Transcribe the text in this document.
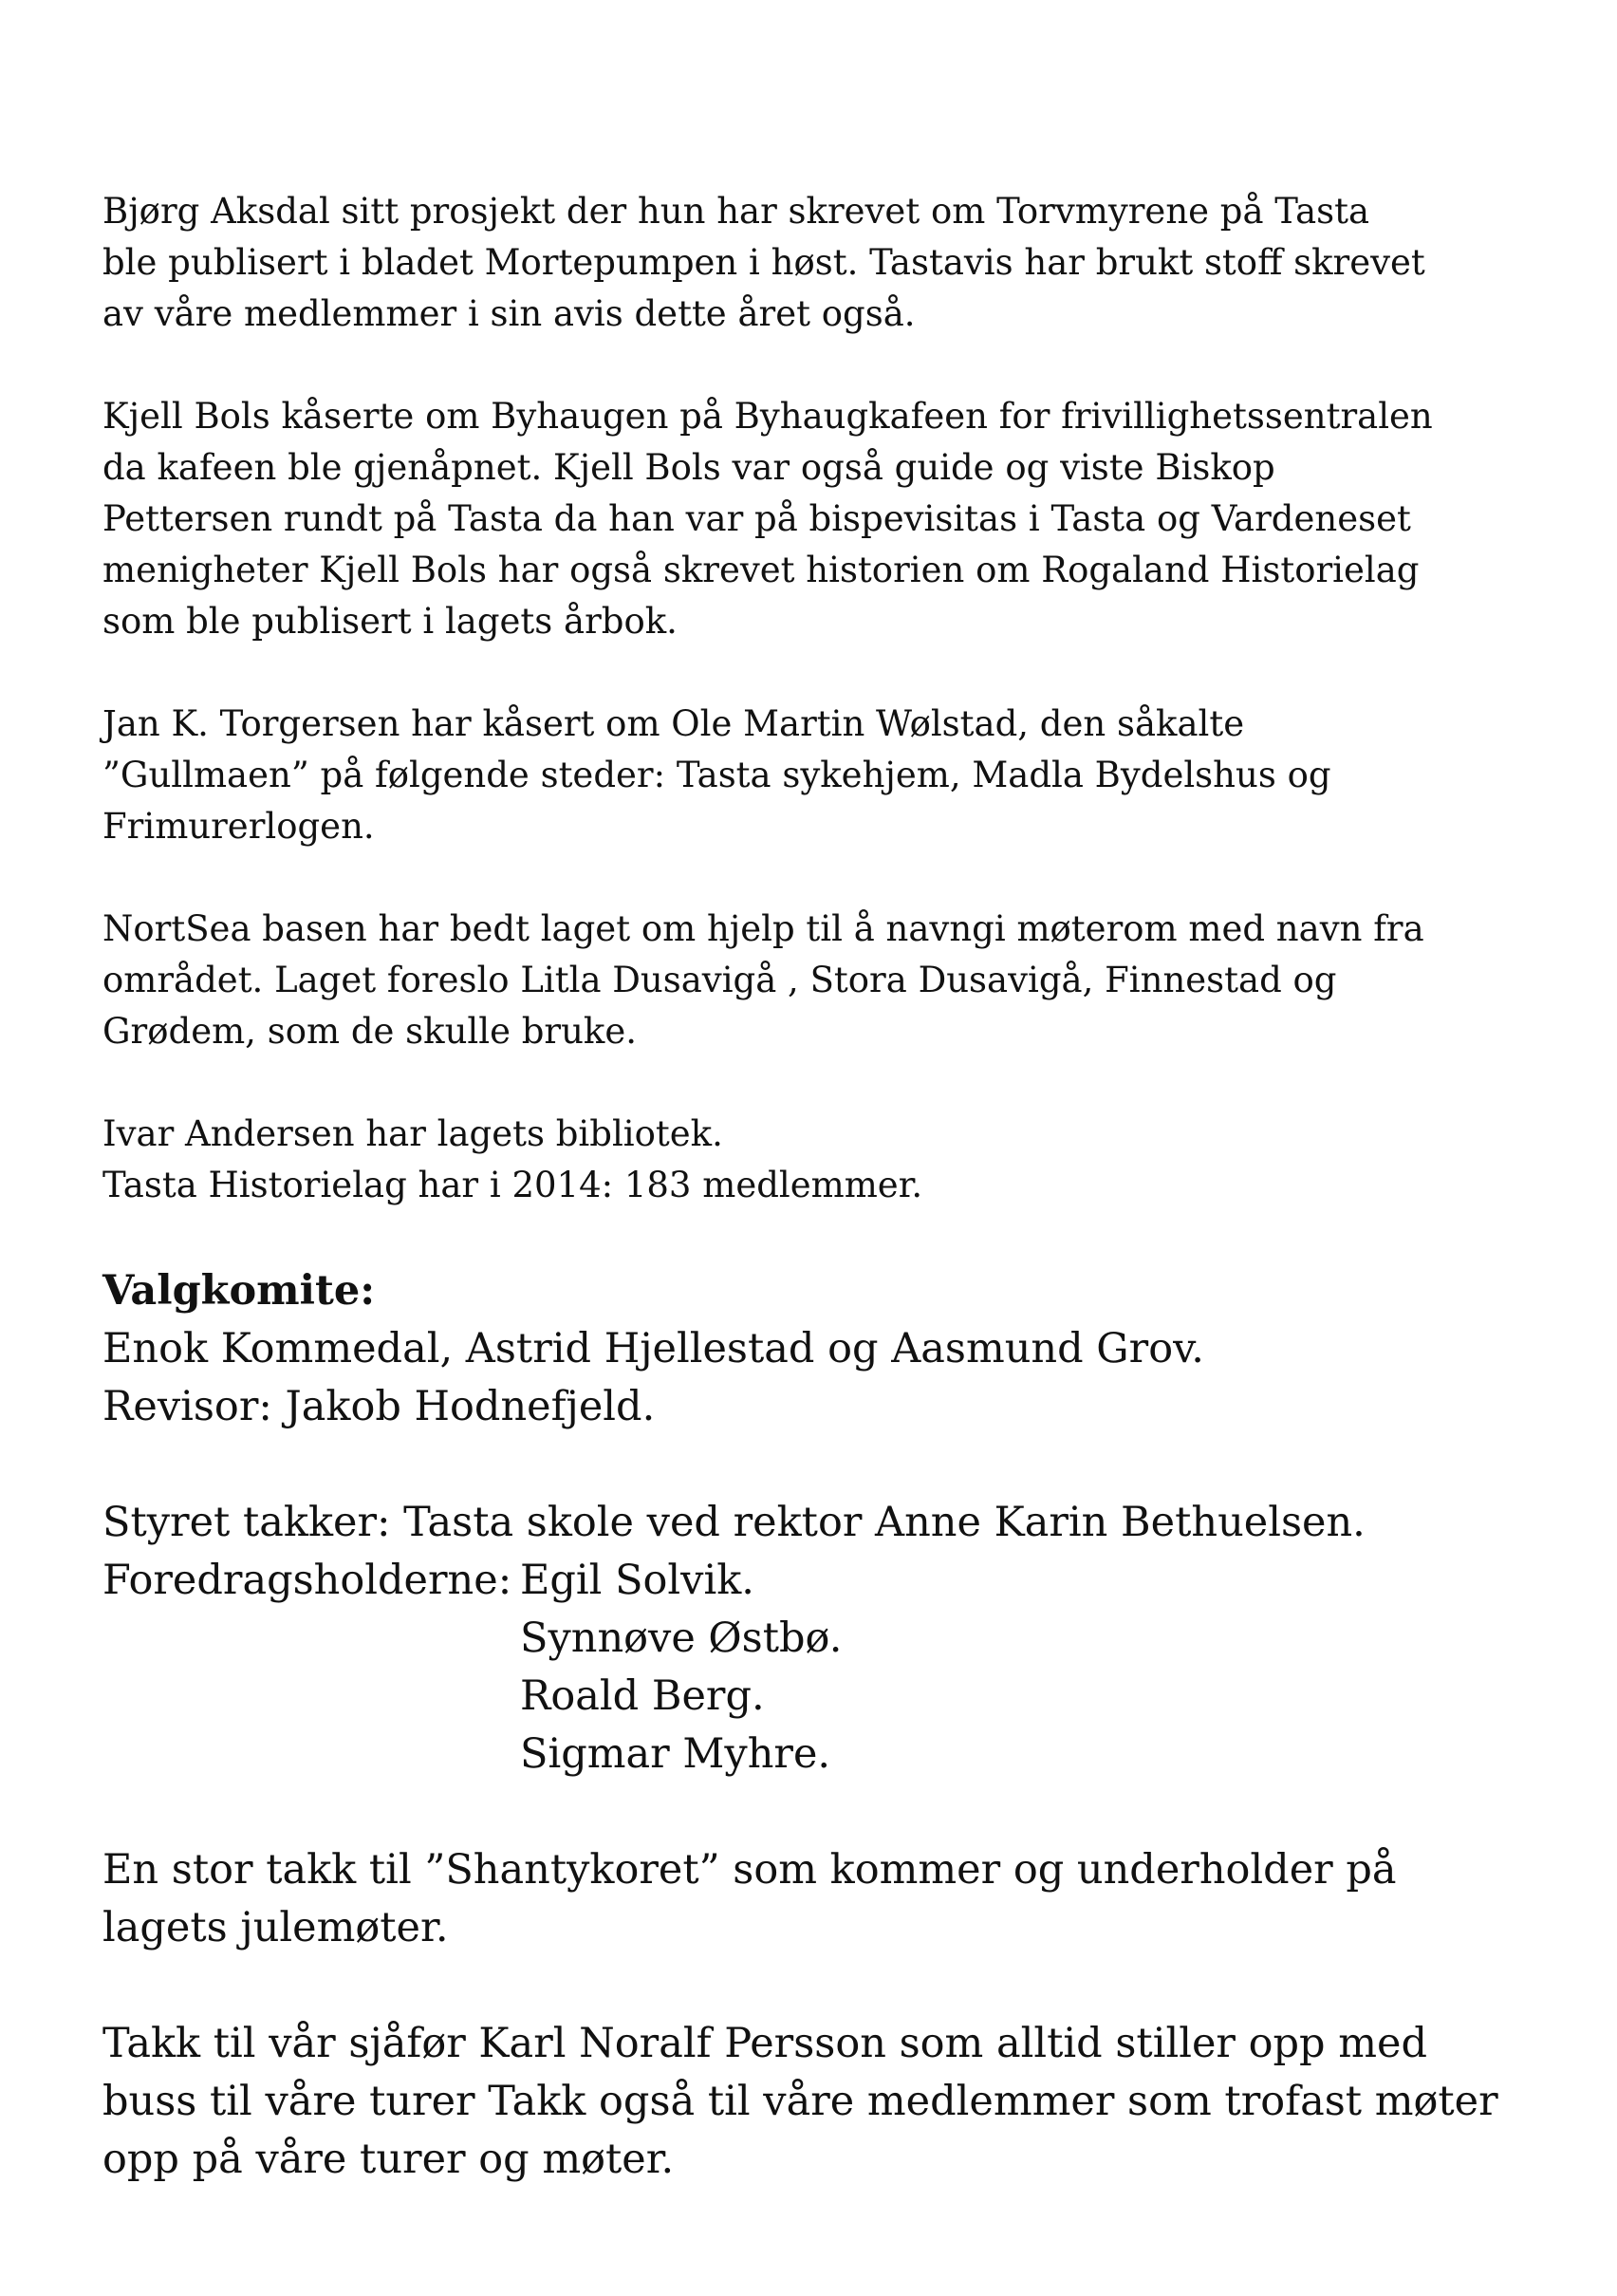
Bjørg Aksdal sitt prosjekt der hun har skrevet om Torvmyrene på Tasta
ble publisert i bladet Mortepumpen i høst. Tastavis har brukt stoff skrevet
av våre medlemmer i sin avis dette året også.

Kjell Bols kåserte om Byhaugen på Byhaugkafeen for frivillighetssentralen
da kafeen ble gjenåpnet. Kjell Bols var også guide og viste Biskop
Pettersen rundt på Tasta da han var på bispevisitas i Tasta og Vardeneset
menigheter Kjell Bols har også skrevet historien om Rogaland Historielag
som ble publisert i lagets årbok.

Jan K. Torgersen har kåsert om Ole Martin Wølstad, den såkalte
”Gullmaen” på følgende steder: Tasta sykehjem, Madla Bydelshus og
Frimurerlogen.

NortSea basen har bedt laget om hjelp til å navngi møterom med navn fra
området. Laget foreslo Litla Dusavigå , Stora Dusavigå, Finnestad og
Grødem, som de skulle bruke.

Ivar Andersen har lagets bibliotek.
Tasta Historielag har i 2014: 183 medlemmer.

Valgkomite:

Enok Kommedal, Astrid Hjellestad og Aasmund Grov.
Revisor: Jakob Hodnefjeld.

Styret takker: Tasta skole ved rektor Anne Karin Bethuelsen.
Foredragsholderne: Egil Solvik.
Synnøve Østbø.
Roald Berg.
Sigmar Myhre.

En stor takk til ”Shantykoret” som kommer og underholder på
lagets julemøter.

Takk til vår sjåfør Karl Noralf Persson som alltid stiller opp med
buss til våre turer Takk også til våre medlemmer som trofast møter
opp på våre turer og møter.
